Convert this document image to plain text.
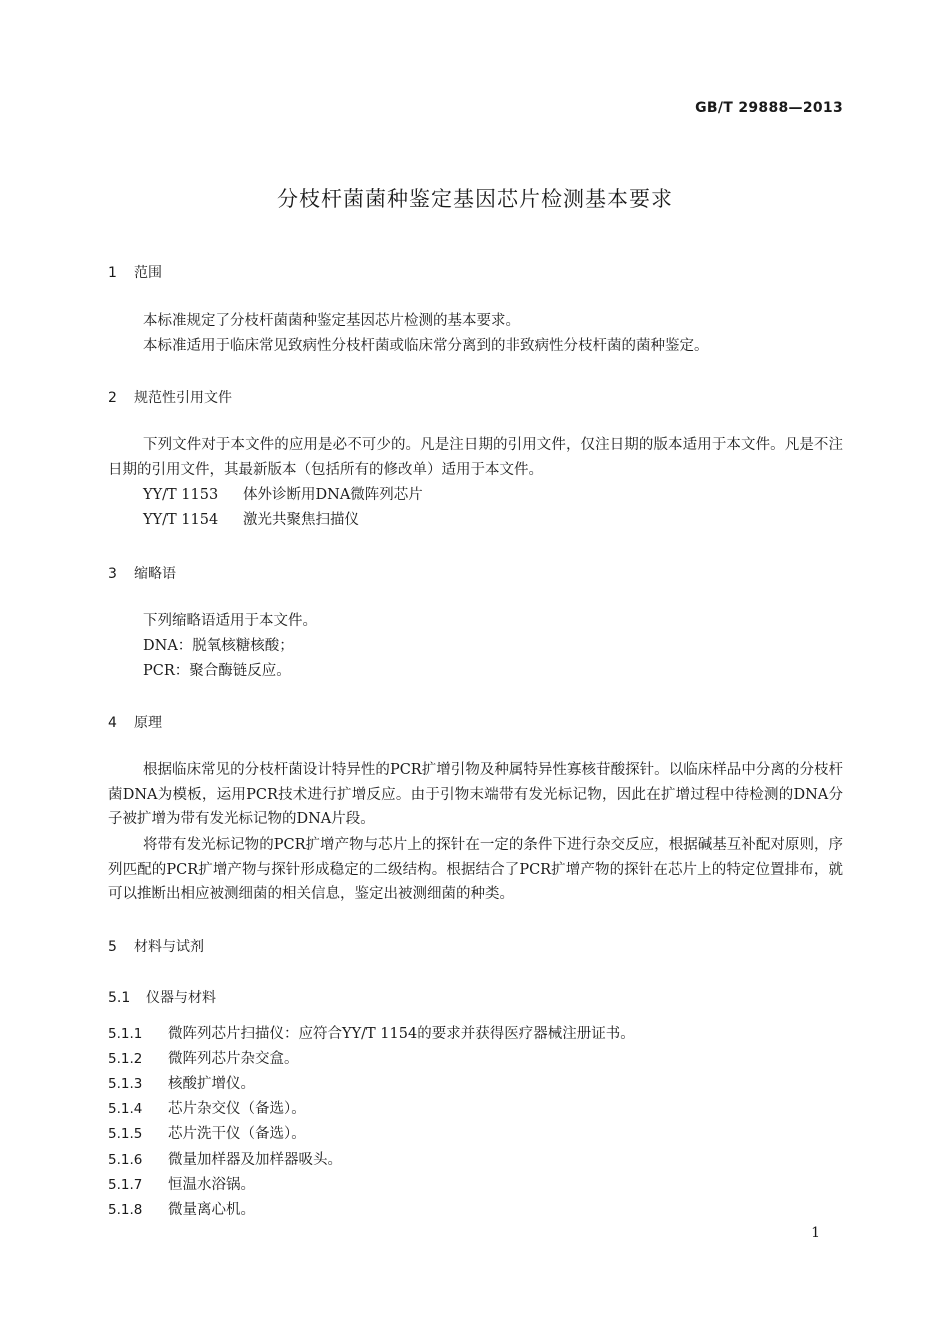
GB/T 29888—2013
分枝杆菌菌种鉴定基因芯片检测基本要求
1 范围
本标准规定了分枝杆菌菌种鉴定基因芯片检测的基本要求。
本标准适用于临床常见致病性分枝杆菌或临床常分离到的非致病性分枝杆菌的菌种鉴定。
2 规范性引用文件
下列文件对于本文件的应用是必不可少的。凡是注日期的引用文件，仅注日期的版本适用于本文件。凡是不注日期的引用文件，其最新版本（包括所有的修改单）适用于本文件。
YY/T 1153 体外诊断用DNA微阵列芯片
YY/T 1154 激光共聚焦扫描仪
3 缩略语
下列缩略语适用于本文件。
DNA：脱氧核糖核酸；
PCR：聚合酶链反应。
4 原理
根据临床常见的分枝杆菌设计特异性的PCR扩增引物及种属特异性寡核苷酸探针。以临床样品中分离的分枝杆菌DNA为模板，运用PCR技术进行扩增反应。由于引物末端带有发光标记物，因此在扩增过程中待检测的DNA分子被扩增为带有发光标记物的DNA片段。
将带有发光标记物的PCR扩增产物与芯片上的探针在一定的条件下进行杂交反应，根据碱基互补配对原则，序列匹配的PCR扩增产物与探针形成稳定的二级结构。根据结合了PCR扩增产物的探针在芯片上的特定位置排布，就可以推断出相应被测细菌的相关信息，鉴定出被测细菌的种类。
5 材料与试剂
5.1 仪器与材料
5.1.1 微阵列芯片扫描仪：应符合YY/T 1154的要求并获得医疗器械注册证书。
5.1.2 微阵列芯片杂交盒。
5.1.3 核酸扩增仪。
5.1.4 芯片杂交仪（备选）。
5.1.5 芯片洗干仪（备选）。
5.1.6 微量加样器及加样器吸头。
5.1.7 恒温水浴锅。
5.1.8 微量离心机。
1
